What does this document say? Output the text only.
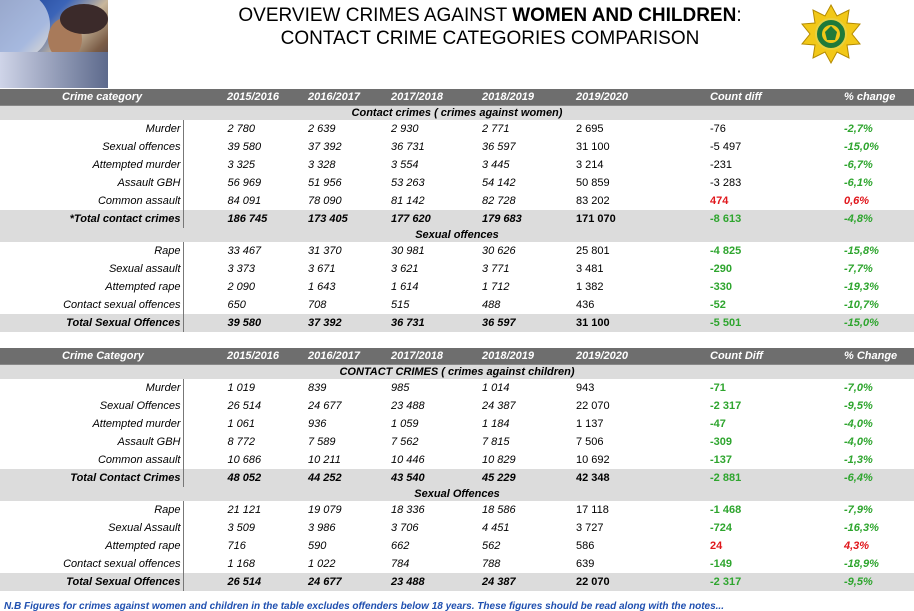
OVERVIEW CRIMES AGAINST WOMEN AND CHILDREN:
CONTACT CRIME CATEGORIES COMPARISON
Crime category	2015/2016	2016/2017	2017/2018	2018/2019	2019/2020	Count diff	% change
Contact crimes ( crimes against women)							
Murder	2 780	2 639	2 930	2 771	2 695	-76	-2,7%
Sexual offences	39 580	37 392	36 731	36 597	31 100	-5 497	-15,0%
Attempted murder	3 325	3 328	3 554	3 445	3 214	-231	-6,7%
Assault GBH	56 969	51 956	53 263	54 142	50 859	-3 283	-6,1%
Common assault	84 091	78 090	81 142	82 728	83 202	474	0,6%
*Total contact crimes	186 745	173 405	177 620	179 683	171 070	-8 613	-4,8%
Sexual offences							
Rape	33 467	31 370	30 981	30 626	25 801	-4 825	-15,8%
Sexual assault	3 373	3 671	3 621	3 771	3 481	-290	-7,7%
Attempted rape	2 090	1 643	1 614	1 712	1 382	-330	-19,3%
Contact sexual offences	650	708	515	488	436	-52	-10,7%
Total Sexual Offences	39 580	37 392	36 731	36 597	31 100	-5 501	-15,0%
Crime Category	2015/2016	2016/2017	2017/2018	2018/2019	2019/2020	Count Diff	% Change
CONTACT CRIMES ( crimes against children)							
Murder	1 019	839	985	1 014	943	-71	-7,0%
Sexual Offences	26 514	24 677	23 488	24 387	22 070	-2 317	-9,5%
Attempted murder	1 061	936	1 059	1 184	1 137	-47	-4,0%
Assault GBH	8 772	7 589	7 562	7 815	7 506	-309	-4,0%
Common assault	10 686	10 211	10 446	10 829	10 692	-137	-1,3%
Total Contact Crimes	48 052	44 252	43 540	45 229	42 348	-2 881	-6,4%
Sexual Offences							
Rape	21 121	19 079	18 336	18 586	17 118	-1 468	-7,9%
Sexual Assault	3 509	3 986	3 706	4 451	3 727	-724	-16,3%
Attempted rape	716	590	662	562	586	24	4,3%
Contact sexual offences	1 168	1 022	784	788	639	-149	-18,9%
Total Sexual Offences	26 514	24 677	23 488	24 387	22 070	-2 317	-9,5%
N.B Figures for crimes against women and children in the table excludes offenders below 18 years. These figures should be read along with the notes...
